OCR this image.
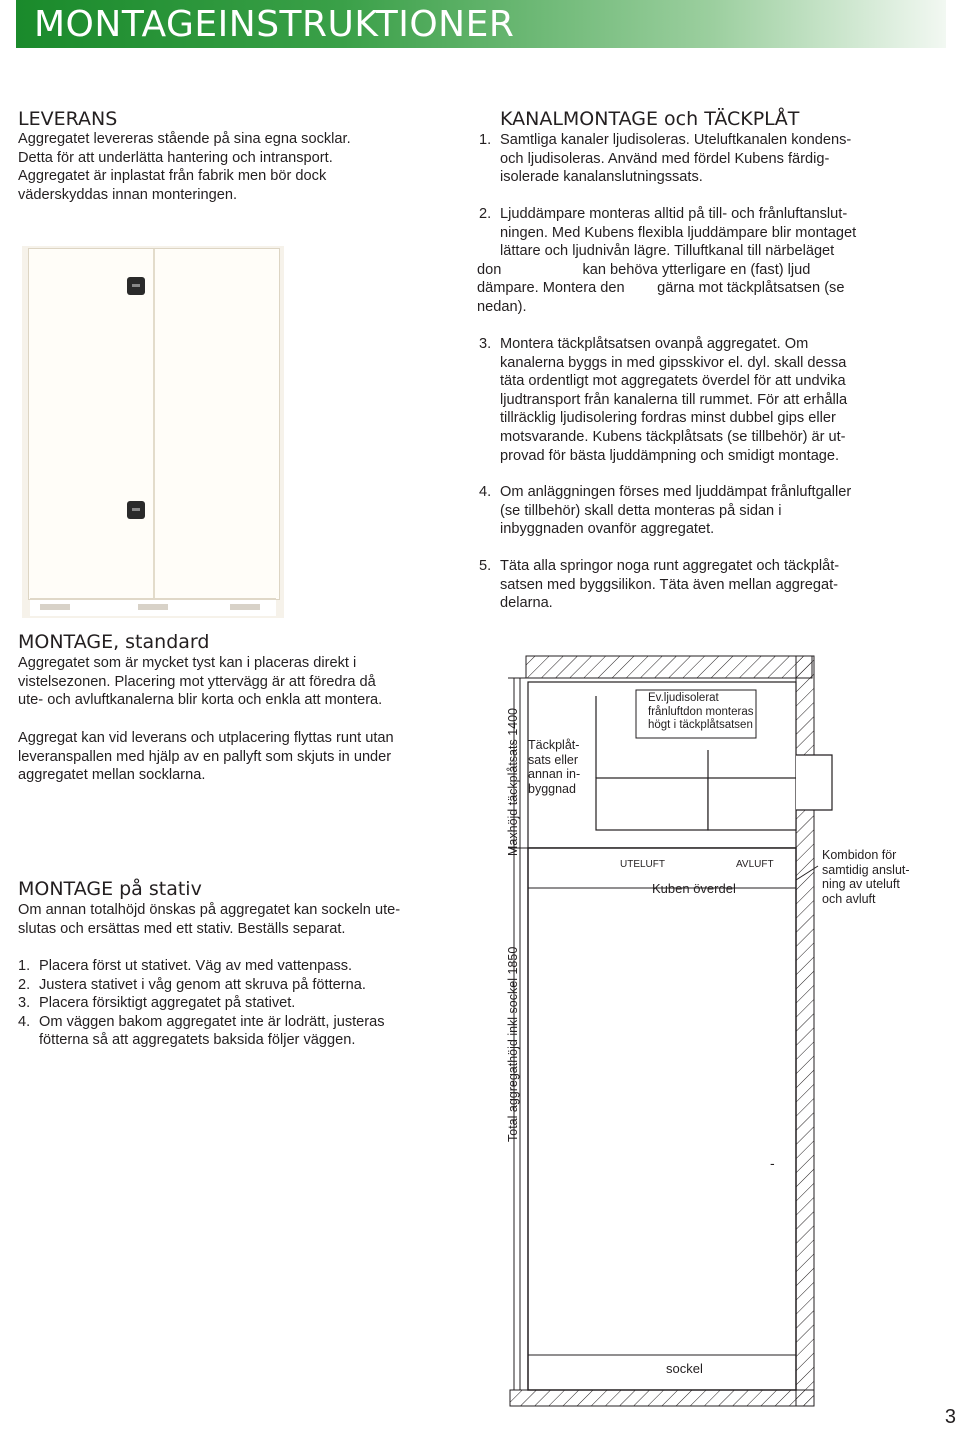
MONTAGEINSTRUKTIONER
LEVERANS
Aggregatet levereras stående på sina egna socklar.
Detta för att underlätta hantering och intransport.
Aggregatet är inplastat från fabrik men bör dock
väderskyddas innan monteringen.
KANALMONTAGE och TÄCKPLÅT
1. Samtliga kanaler ljudisoleras. Uteluftkanalen kondens-
och ljudisoleras. Använd med fördel Kubens färdig-
isolerade kanalanslutningssats.
2. Ljuddämpare monteras alltid på till- och frånluftanslut-
ningen. Med Kubens flexibla ljuddämpare blir montaget
lättare och ljudnivån lägre. Tilluftkanal till närbeläget
don                    kan behöva ytterligare en (fast) ljud
dämpare. Montera den        gärna mot täckplåtsatsen (se
nedan).
3. Montera täckplåtsatsen ovanpå aggregatet. Om
kanalerna byggs in med gipsskivor el. dyl. skall dessa
täta ordentligt mot aggregatets överdel för att undvika
ljudtransport från kanalerna till rummet. För att erhålla
tillräcklig ljudisolering fordras minst dubbel gips eller
motsvarande. Kubens täckplåtsats (se tillbehör) är ut-
provad för bästa ljuddämpning och smidigt montage.
4. Om anläggningen förses med ljuddämpat frånluftgaller
(se tillbehör) skall detta monteras på sidan i
inbyggnaden ovanför aggregatet.
5. Täta alla springor noga runt aggregatet och täckplåt-
satsen med byggsilikon. Täta även mellan aggregat-
delarna.
MONTAGE, standard
Aggregatet som är mycket tyst kan i placeras direkt i
vistelsezonen. Placering mot yttervägg är att föredra då
ute- och avluftkanalerna blir korta och enkla att montera.
Aggregat kan vid leverans och utplacering flyttas runt utan
leveranspallen med hjälp av en pallyft som skjuts in under
aggregatet mellan socklarna.
MONTAGE på stativ
Om annan totalhöjd önskas på aggregatet kan sockeln ute-
slutas och ersättas med ett stativ. Beställs separat.
1. Placera först ut stativet. Väg av med vattenpass.
2. Justera stativet i våg genom att skruva på fötterna.
3. Placera försiktigt aggregatet på stativet.
4. Om väggen bakom aggregatet inte är lodrätt, justeras
fötterna så att aggregatets baksida följer väggen.
Maxhöjd täckplåtsats 1400
Total aggregathöjd inkl sockel 1850
Täckplåt-
sats eller
annan in-
byggnad
Ev.ljudisolerat
frånluftdon monteras
högt i täckplåtsatsen
UTELUFT	AVLUFT
Kuben överdel
Kombidon för
samtidig anslut-
ning av uteluft
och avluft
-
sockel
3
